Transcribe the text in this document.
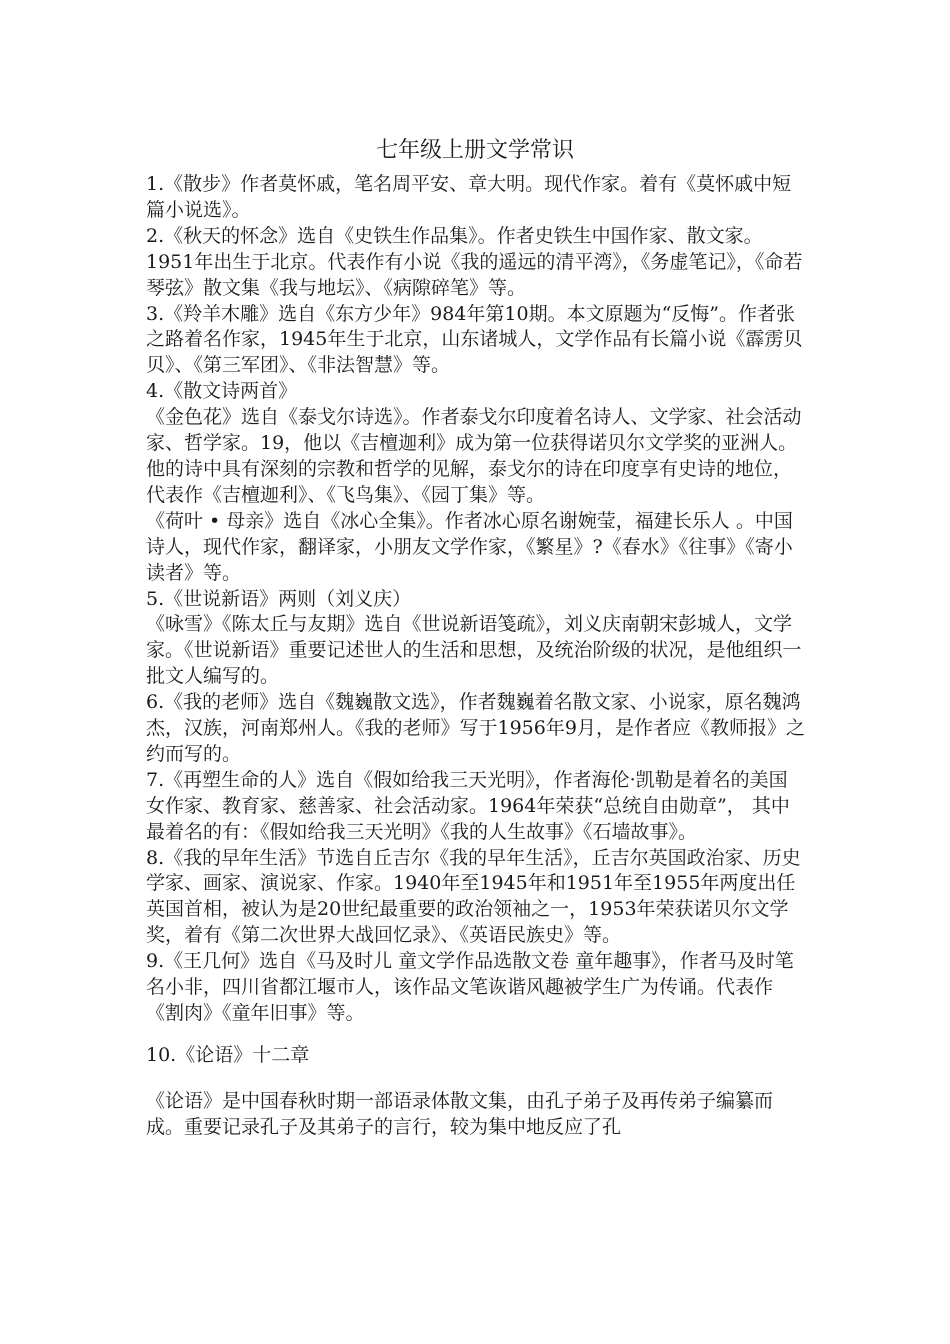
七年级上册文学常识

1.《散步》作者莫怀戚，笔名周平安、章大明。现代作家。着有《莫怀戚中短篇小说选》。

2.《秋天的怀念》选自《史铁生作品集》。作者史铁生中国作家、散文家。1951年出生于北京。代表作有小说《我的遥远的清平湾》，《务虚笔记》，《命若琴弦》散文集《我与地坛》、《病隙碎笔》等。

3.《羚羊木雕》选自《东方少年》984年第10期。本文原题为“反悔”。作者张之路着名作家，1945年生于北京，山东诸城人，文学作品有长篇小说《霹雳贝贝》、《第三军团》、《非法智慧》等。

4.《散文诗两首》

《金色花》选自《泰戈尔诗选》。作者泰戈尔印度着名诗人、文学家、社会活动家、哲学家。19，他以《吉檀迦利》成为第一位获得诺贝尔文学奖的亚洲人。他的诗中具有深刻的宗教和哲学的见解，泰戈尔的诗在印度享有史诗的地位，代表作《吉檀迦利》、《飞鸟集》、《园丁集》等。

《荷叶 • 母亲》选自《冰心全集》。作者冰心原名谢婉莹，福建长乐人 。中国诗人，现代作家，翻译家，小朋友文学作家，《繁星》?《春水》《往事》《寄小读者》等。

5.《世说新语》两则（刘义庆）

《咏雪》《陈太丘与友期》选自《世说新语笺疏》，刘义庆南朝宋彭城人，文学家。《世说新语》重要记述世人的生活和思想，及统治阶级的状况，是他组织一批文人编写的。

6.《我的老师》选自《魏巍散文选》，作者魏巍着名散文家、小说家，原名魏鸿杰，汉族，河南郑州人。《我的老师》写于1956年9月，是作者应《教师报》之约而写的。

7.《再塑生命的人》选自《假如给我三天光明》，作者海伦·凯勒是着名的美国女作家、教育家、慈善家、社会活动家。1964年荣获“总统自由勋章”， 其中最着名的有：《假如给我三天光明》《我的人生故事》《石墙故事》。

8.《我的早年生活》节选自丘吉尔《我的早年生活》，丘吉尔英国政治家、历史学家、画家、演说家、作家。1940年至1945年和1951年至1955年两度出任英国首相，被认为是20世纪最重要的政治领袖之一，1953年荣获诺贝尔文学奖，着有《第二次世界大战回忆录》、《英语民族史》等。

9.《王几何》选自《马及时儿 童文学作品选散文卷 童年趣事》，作者马及时笔名小非，四川省都江堰市人，该作品文笔诙谐风趣被学生广为传诵。代表作《割肉》《童年旧事》等。

10.《论语》十二章

《论语》是中国春秋时期一部语录体散文集，由孔子弟子及再传弟子编纂而成。重要记录孔子及其弟子的言行，较为集中地反应了孔
